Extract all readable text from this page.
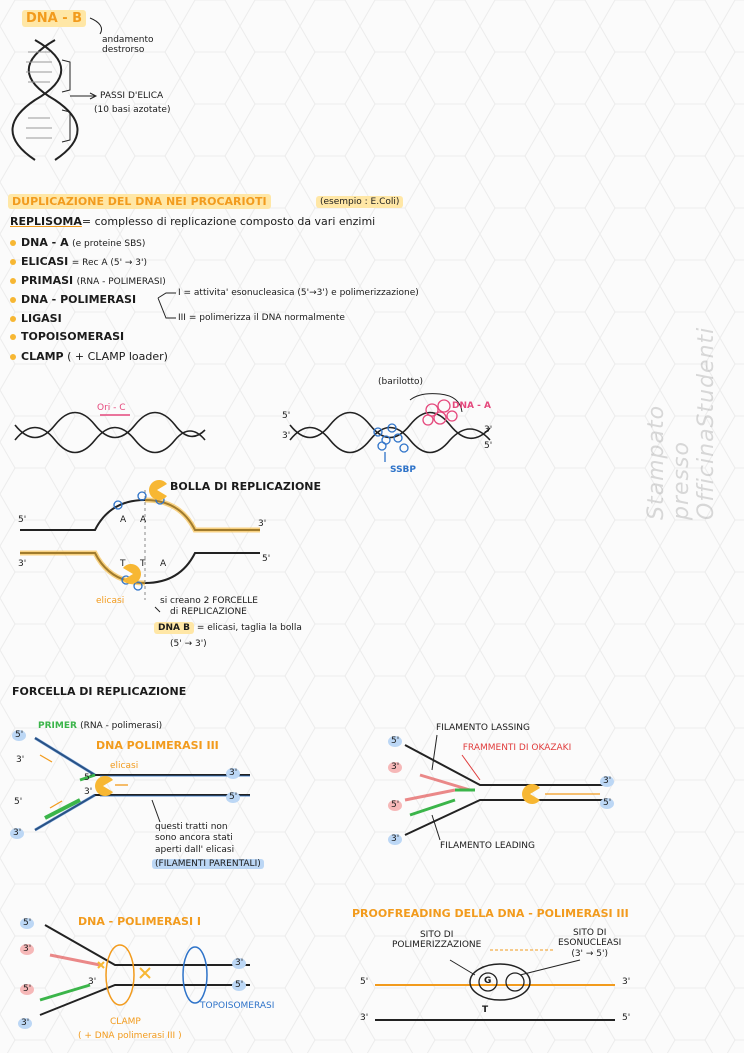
DNA - B
andamento destrorso
PASSI D'ELICA
(10 basi azotate)
DUPLICAZIONE DEL DNA NEI PROCARIOTI	(esempio : E.Coli)
REPLISOMA= complesso di replicazione composto da vari enzimi
DNA - A (e proteine SBS)
ELICASI = Rec A (5' → 3')
PRIMASI (RNA - POLIMERASI)
DNA - POLIMERASI
LIGASI
TOPOISOMERASI
CLAMP ( + CLAMP loader)
I = attivita' esonucleasica (5'→3') e polimerizzazione)
III = polimerizza il DNA normalmente
Ori - C
(barilotto)
DNA - A
SSBP
5'
3'
3'
5'
BOLLA DI REPLICAZIONE
5'
3'
3'
5'
A A
T T A
elicasi	si creano 2 FORCELLE
di REPLICAZIONE
DNA B = elicasi, taglia la bolla
(5' → 3')
FORCELLA DI REPLICAZIONE
PRIMER (RNA - polimerasi)
DNA POLIMERASI III
elicasi
questi tratti non
sono ancora stati
aperti dall' elicasi
(FILAMENTI PARENTALI)
5'
3'
5'
3'
5'
3'
3'
5'
FILAMENTO LASSING
FRAMMENTI DI OKAZAKI
FILAMENTO LEADING
5'
3'
5'
3'
3'
5'
DNA - POLIMERASI I
CLAMP
( + DNA polimerasi III )
TOPOISOMERASI
5'
3'
5'
3'
3'
3'
5'
PROOFREADING DELLA DNA - POLIMERASI III
SITO DI
POLIMERIZZAZIONE
SITO DI
ESONUCLEASI
(3' → 5')
G
T
5'	3'
3'	5'
Stampato presso OfficinaStudenti
